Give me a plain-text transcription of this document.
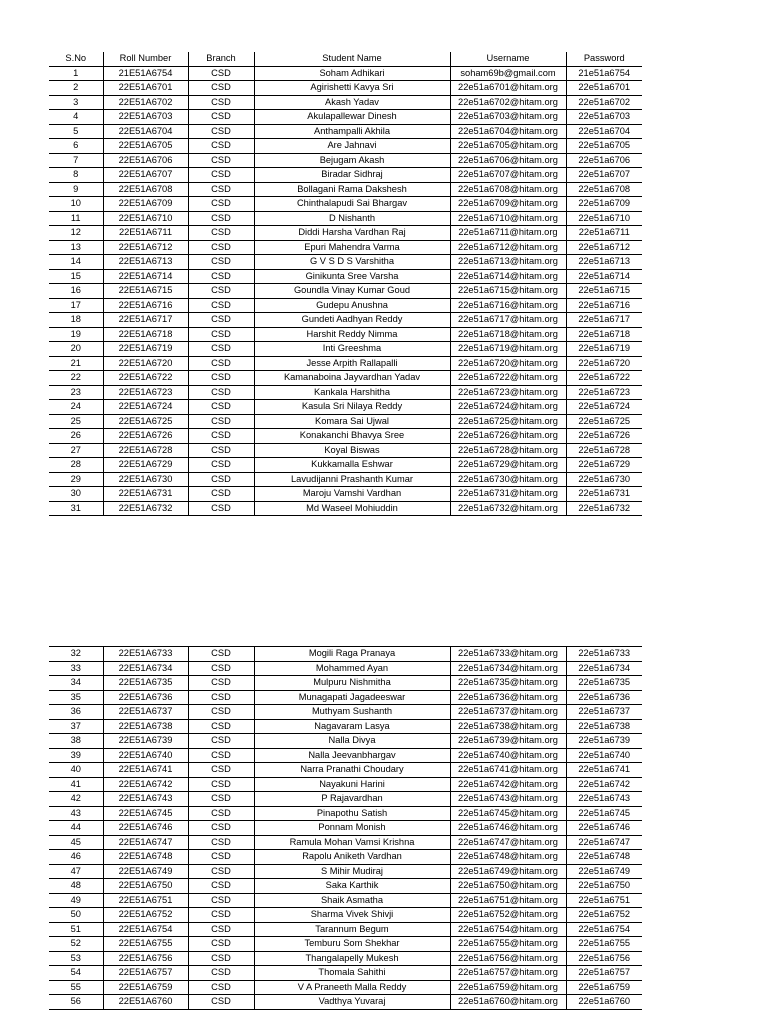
S.No	Roll Number	Branch	Student Name	Username	Password
1	21E51A6754	CSD	Soham Adhikari	soham69b@gmail.com	21e51a6754
2	22E51A6701	CSD	Agirishetti Kavya Sri	22e51a6701@hitam.org	22e51a6701
3	22E51A6702	CSD	Akash Yadav	22e51a6702@hitam.org	22e51a6702
4	22E51A6703	CSD	Akulapallewar Dinesh	22e51a6703@hitam.org	22e51a6703
5	22E51A6704	CSD	Anthampalli Akhila	22e51a6704@hitam.org	22e51a6704
6	22E51A6705	CSD	Are Jahnavi	22e51a6705@hitam.org	22e51a6705
7	22E51A6706	CSD	Bejugam Akash	22e51a6706@hitam.org	22e51a6706
8	22E51A6707	CSD	Biradar Sidhraj	22e51a6707@hitam.org	22e51a6707
9	22E51A6708	CSD	Bollagani Rama Dakshesh	22e51a6708@hitam.org	22e51a6708
10	22E51A6709	CSD	Chinthalapudi Sai Bhargav	22e51a6709@hitam.org	22e51a6709
11	22E51A6710	CSD	D Nishanth	22e51a6710@hitam.org	22e51a6710
12	22E51A6711	CSD	Diddi Harsha Vardhan Raj	22e51a6711@hitam.org	22e51a6711
13	22E51A6712	CSD	Epuri Mahendra Varma	22e51a6712@hitam.org	22e51a6712
14	22E51A6713	CSD	G V S D S Varshitha	22e51a6713@hitam.org	22e51a6713
15	22E51A6714	CSD	Ginikunta Sree Varsha	22e51a6714@hitam.org	22e51a6714
16	22E51A6715	CSD	Goundla Vinay Kumar Goud	22e51a6715@hitam.org	22e51a6715
17	22E51A6716	CSD	Gudepu Anushna	22e51a6716@hitam.org	22e51a6716
18	22E51A6717	CSD	Gundeti Aadhyan Reddy	22e51a6717@hitam.org	22e51a6717
19	22E51A6718	CSD	Harshit Reddy Nimma	22e51a6718@hitam.org	22e51a6718
20	22E51A6719	CSD	Inti Greeshma	22e51a6719@hitam.org	22e51a6719
21	22E51A6720	CSD	Jesse Arpith Rallapalli	22e51a6720@hitam.org	22e51a6720
22	22E51A6722	CSD	Kamanaboina Jayvardhan Yadav	22e51a6722@hitam.org	22e51a6722
23	22E51A6723	CSD	Kankala Harshitha	22e51a6723@hitam.org	22e51a6723
24	22E51A6724	CSD	Kasula Sri Nilaya Reddy	22e51a6724@hitam.org	22e51a6724
25	22E51A6725	CSD	Komara Sai Ujwal	22e51a6725@hitam.org	22e51a6725
26	22E51A6726	CSD	Konakanchi Bhavya Sree	22e51a6726@hitam.org	22e51a6726
27	22E51A6728	CSD	Koyal Biswas	22e51a6728@hitam.org	22e51a6728
28	22E51A6729	CSD	Kukkamalla Eshwar	22e51a6729@hitam.org	22e51a6729
29	22E51A6730	CSD	Lavudijanni Prashanth Kumar	22e51a6730@hitam.org	22e51a6730
30	22E51A6731	CSD	Maroju Vamshi Vardhan	22e51a6731@hitam.org	22e51a6731
31	22E51A6732	CSD	Md Waseel Mohiuddin	22e51a6732@hitam.org	22e51a6732
32	22E51A6733	CSD	Mogili Raga Pranaya	22e51a6733@hitam.org	22e51a6733
33	22E51A6734	CSD	Mohammed Ayan	22e51a6734@hitam.org	22e51a6734
34	22E51A6735	CSD	Mulpuru Nishmitha	22e51a6735@hitam.org	22e51a6735
35	22E51A6736	CSD	Munagapati Jagadeeswar	22e51a6736@hitam.org	22e51a6736
36	22E51A6737	CSD	Muthyam Sushanth	22e51a6737@hitam.org	22e51a6737
37	22E51A6738	CSD	Nagavaram Lasya	22e51a6738@hitam.org	22e51a6738
38	22E51A6739	CSD	Nalla Divya	22e51a6739@hitam.org	22e51a6739
39	22E51A6740	CSD	Nalla Jeevanbhargav	22e51a6740@hitam.org	22e51a6740
40	22E51A6741	CSD	Narra Pranathi Choudary	22e51a6741@hitam.org	22e51a6741
41	22E51A6742	CSD	Nayakuni Harini	22e51a6742@hitam.org	22e51a6742
42	22E51A6743	CSD	P Rajavardhan	22e51a6743@hitam.org	22e51a6743
43	22E51A6745	CSD	Pinapothu Satish	22e51a6745@hitam.org	22e51a6745
44	22E51A6746	CSD	Ponnam Monish	22e51a6746@hitam.org	22e51a6746
45	22E51A6747	CSD	Ramula Mohan Vamsi Krishna	22e51a6747@hitam.org	22e51a6747
46	22E51A6748	CSD	Rapolu Aniketh Vardhan	22e51a6748@hitam.org	22e51a6748
47	22E51A6749	CSD	S Mihir Mudiraj	22e51a6749@hitam.org	22e51a6749
48	22E51A6750	CSD	Saka Karthik	22e51a6750@hitam.org	22e51a6750
49	22E51A6751	CSD	Shaik Asmatha	22e51a6751@hitam.org	22e51a6751
50	22E51A6752	CSD	Sharma Vivek Shivji	22e51a6752@hitam.org	22e51a6752
51	22E51A6754	CSD	Tarannum Begum	22e51a6754@hitam.org	22e51a6754
52	22E51A6755	CSD	Temburu Som Shekhar	22e51a6755@hitam.org	22e51a6755
53	22E51A6756	CSD	Thangalapelly Mukesh	22e51a6756@hitam.org	22e51a6756
54	22E51A6757	CSD	Thomala Sahithi	22e51a6757@hitam.org	22e51a6757
55	22E51A6759	CSD	V A Praneeth Malla Reddy	22e51a6759@hitam.org	22e51a6759
56	22E51A6760	CSD	Vadthya Yuvaraj	22e51a6760@hitam.org	22e51a6760
